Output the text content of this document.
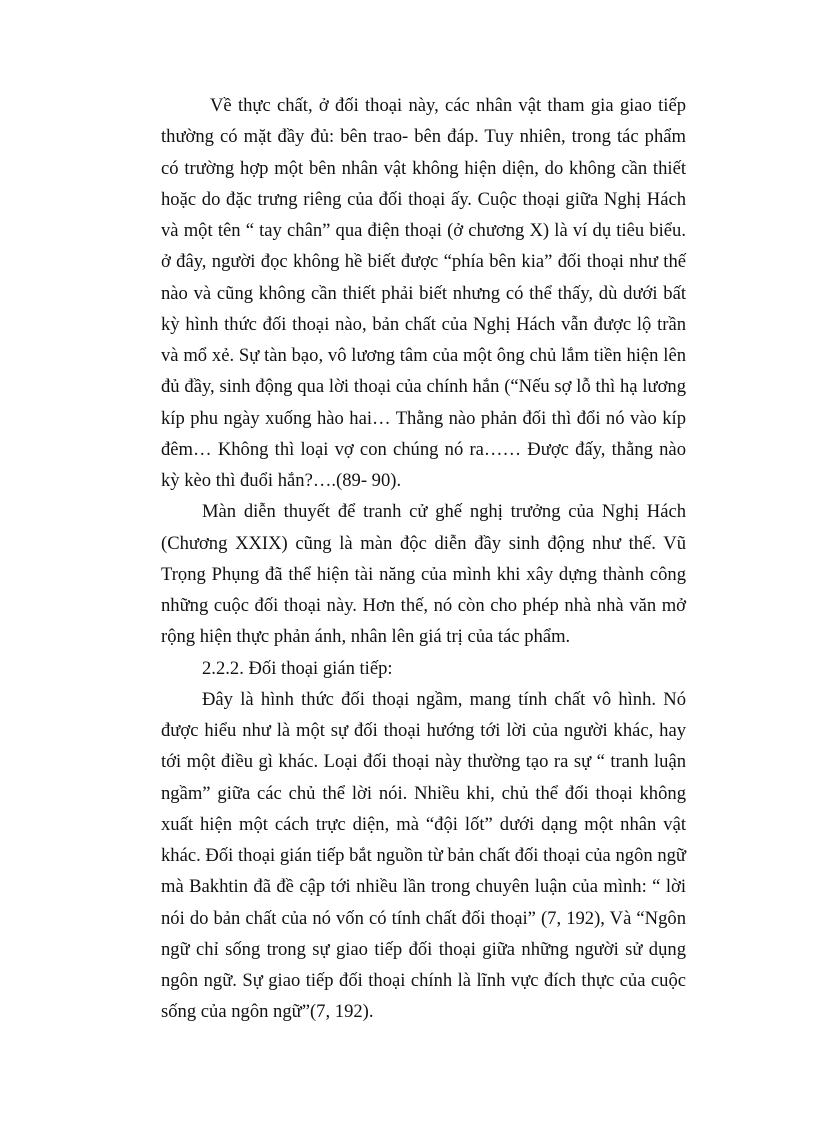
Về thực chất, ở đối thoại này, các nhân vật tham gia giao tiếp thường có mặt đầy đủ: bên trao- bên đáp. Tuy nhiên, trong tác phẩm có trường hợp một bên nhân vật không hiện diện, do không cần thiết hoặc do đặc trưng riêng của đối thoại ấy. Cuộc thoại giữa Nghị Hách và một tên “ tay chân” qua điện thoại (ở chương X) là ví dụ tiêu biểu. ở đây, người đọc không hề biết được “phía bên kia” đối thoại như thế nào và cũng không cần thiết phải biết nhưng có thể thấy, dù dưới bất kỳ hình thức đối thoại nào, bản chất của Nghị Hách vẫn được lộ trần và mổ xẻ. Sự tàn bạo, vô lương tâm của một ông chủ lắm tiền hiện lên đủ đầy, sinh động qua lời thoại của chính hắn (“Nếu sợ lỗ thì hạ lương kíp phu ngày xuống hào hai… Thằng nào phản đối thì đổi nó vào kíp đêm… Không thì loại vợ con chúng nó ra…… Được đấy, thằng nào kỳ kèo thì đuổi hắn?….(89- 90).

Màn diễn thuyết để tranh cử ghế nghị trưởng của Nghị Hách (Chương XXIX) cũng là màn độc diễn đầy sinh động như thế. Vũ Trọng Phụng đã thể hiện tài năng của mình khi xây dựng thành công những cuộc đối thoại này. Hơn thế, nó còn cho phép nhà nhà văn mở rộng hiện thực phản ánh, nhân lên giá trị của tác phẩm.

2.2.2. Đối thoại gián tiếp:

Đây là hình thức đối thoại ngầm, mang tính chất vô hình. Nó được hiểu như là một sự đối thoại hướng tới lời của người khác, hay tới một điều gì khác. Loại đối thoại này thường tạo ra sự “ tranh luận ngầm” giữa các chủ thể lời nói. Nhiều khi, chủ thể đối thoại không xuất hiện một cách trực diện, mà “đội lốt” dưới dạng một nhân vật khác. Đối thoại gián tiếp bắt nguồn từ bản chất đối thoại của ngôn ngữ mà Bakhtin đã đề cập tới nhiều lần trong chuyên luận của mình: “ lời nói do bản chất của nó vốn có tính chất đối thoại” (7, 192), Và “Ngôn ngữ chỉ sống trong sự giao tiếp đối thoại giữa những người sử dụng ngôn ngữ. Sự giao tiếp đối thoại chính là lĩnh vực đích thực của cuộc sống của ngôn ngữ”(7, 192).
